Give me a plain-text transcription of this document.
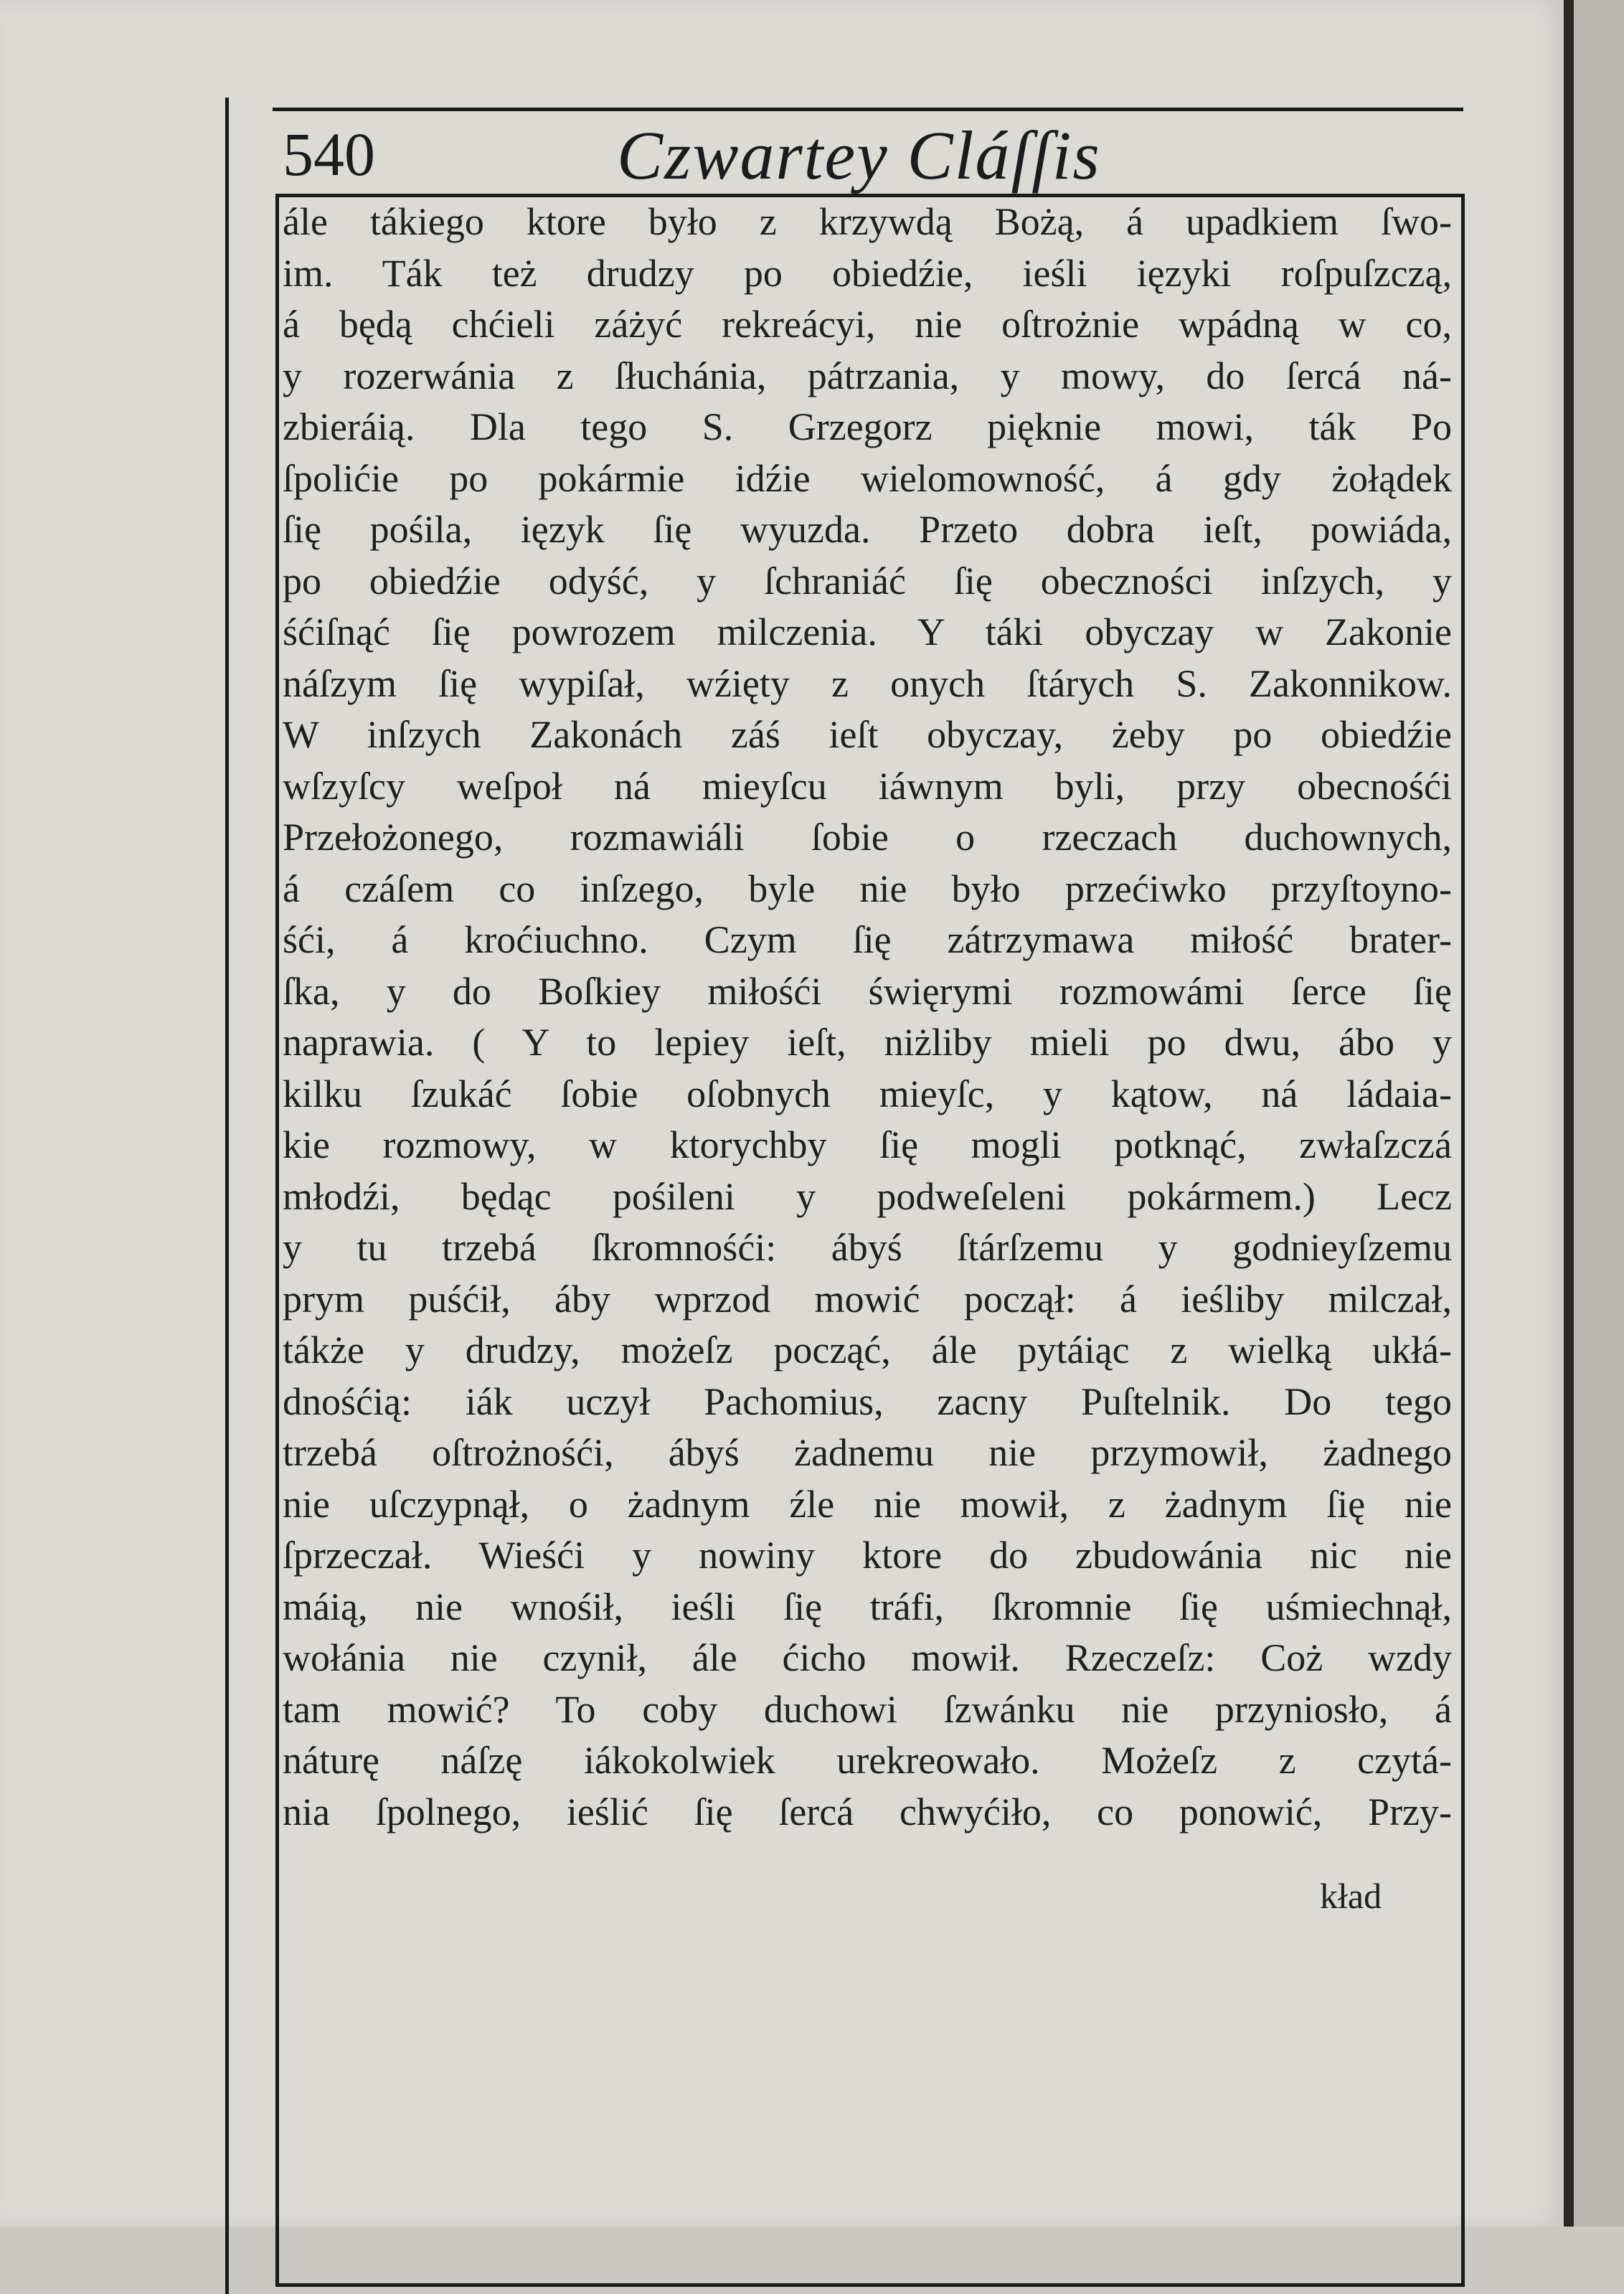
540	Czwartey Cláſſis
ále tákiego ktore było z krzywdą Bożą, á upadkiem ſwo-
im. Ták też drudzy po obiedźie, ieśli ięzyki roſpuſzczą,
á będą chćieli záżyć rekreácyi, nie oſtrożnie wpádną w co,
y rozerwánia z ſłuchánia, pátrzania, y mowy, do ſercá ná-
zbieráią. Dla tego S. Grzegorz pięknie mowi, ták Po
ſpolićie po pokármie idźie wielomowność, á gdy żołądek
ſię pośila, ięzyk ſię wyuzda. Przeto dobra ieſt, powiáda,
po obiedźie odyść, y ſchraniáć ſię obeczności inſzych, y
śćiſnąć ſię powrozem milczenia. Y táki obyczay w Zakonie
náſzym ſię wypiſał, wźięty z onych ſtárych S. Zakonnikow.
W inſzych Zakonách záś ieſt obyczay, żeby po obiedźie
wſzyſcy weſpoł ná mieyſcu iáwnym byli, przy obecnośći
Przełożonego, rozmawiáli ſobie o rzeczach duchownych,
á czáſem co inſzego, byle nie było przećiwko przyſtoyno-
śći, á krоćiuchno. Czym ſię zátrzymawa miłość brater-
ſka, y do Boſkiey miłośći święrymi rozmowámi ſerce ſię
naprawia. ( Y to lepiey ieſt, niżliby mieli po dwu, ábo y
kilku ſzukáć ſobie oſobnych mieyſc, y kątow, ná ládaia-
kie rozmowy, w ktorychby ſię mogli potknąć, zwłaſzczá
młodźi, będąc pośileni y podweſeleni pokármem.) Lecz
y tu trzebá ſkromnośći: ábyś ſtárſzemu y godnieyſzemu
prym puśćił, áby wprzod mowić począł: á ieśliby milczał,
tákże y drudzy, możeſz począć, ále pytáiąc z wielką ukłá-
dnośćią: iák uczył Pachomius, zacny Puſtelnik. Do tego
trzebá oſtrożnośći, ábyś żadnemu nie przymowił, żadnego
nie uſczypnął, o żadnym źle nie mowił, z żadnym ſię nie
ſprzeczał. Wieśći y nowiny ktore do zbudowánia nic nie
máią, nie wnośił, ieśli ſię tráfi, ſkromnie ſię uśmiechnął,
wołánia nie czynił, ále ćicho mowił. Rzeczeſz: Coż wzdy
tam mowić? To coby duchowi ſzwánku nie przyniosło, á
náturę náſzę iákokolwiek urekreowało. Możeſz z czytá-
nia ſpolnego, ieślić ſię ſercá chwyćiło, co ponowić, Przy-
kład
